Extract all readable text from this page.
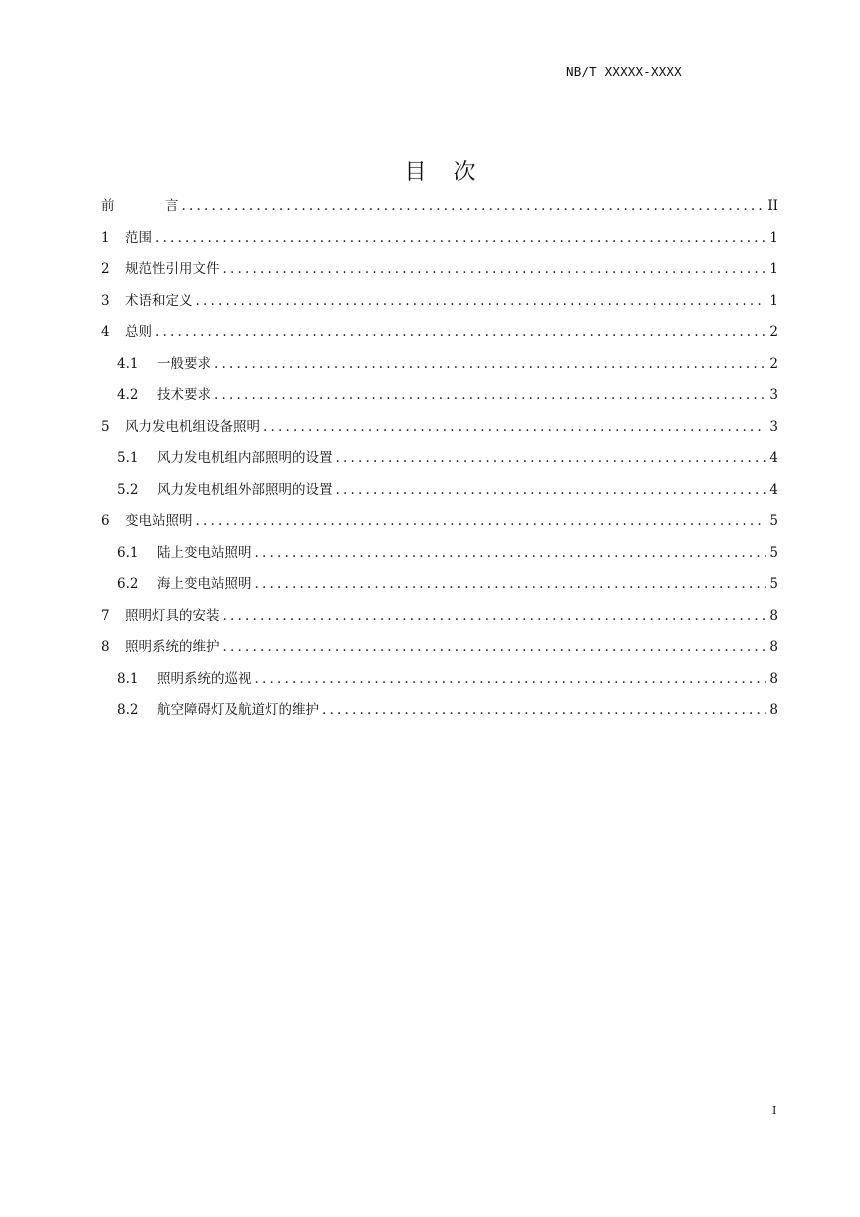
NB/T XXXXX-XXXX
目 次
前	言 .....	II
1	范围 .....	1
2	规范性引用文件 .....	1
3	术语和定义 .....	1
4	总则 .....	2
4.1	一般要求 .....	2
4.2	技术要求 .....	3
5	风力发电机组设备照明 .....	3
5.1	风力发电机组内部照明的设置 .....	4
5.2	风力发电机组外部照明的设置 .....	4
6	变电站照明 .....	5
6.1	陆上变电站照明 .....	5
6.2	海上变电站照明 .....	5
7	照明灯具的安装 .....	8
8	照明系统的维护 .....	8
8.1	照明系统的巡视 .....	8
8.2	航空障碍灯及航道灯的维护 .....	8
I
